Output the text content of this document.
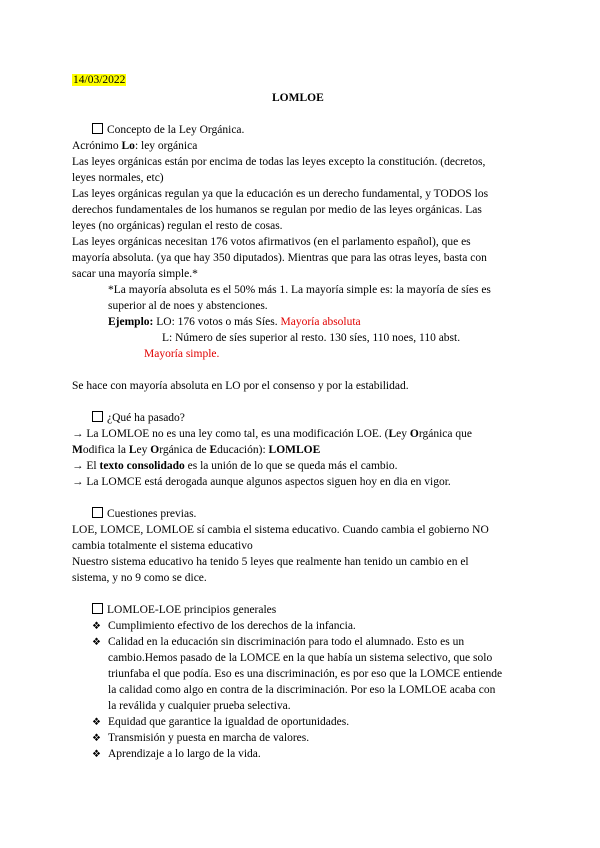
14/03/2022
LOMLOE
Concepto de la Ley Orgánica.
Acrónimo Lo: ley orgánica
Las leyes orgánicas están por encima de todas las leyes excepto la constitución. (decretos,
leyes normales, etc)
Las leyes orgánicas regulan ya que la educación es un derecho fundamental, y TODOS los
derechos fundamentales de los humanos se regulan por medio de las leyes orgánicas. Las
leyes (no orgánicas) regulan el resto de cosas.
Las leyes orgánicas necesitan 176 votos afirmativos (en el parlamento español), que es
mayoría absoluta. (ya que hay 350 diputados). Mientras que para las otras leyes, basta con
sacar una mayoría simple.*
*La mayoría absoluta es el 50% más 1. La mayoría simple es: la mayoría de síes es
superior al de noes y abstenciones.
Ejemplo: LO: 176 votos o más Síes. Mayoría absoluta
L: Número de síes superior al resto. 130 síes, 110 noes, 110 abst.
Mayoría simple.
Se hace con mayoría absoluta en LO por el consenso y por la estabilidad.
¿Qué ha pasado?
→ La LOMLOE no es una ley como tal, es una modificación LOE. (Ley Orgánica que
Modifica la Ley Orgánica de Educación): LOMLOE
→ El texto consolidado es la unión de lo que se queda más el cambio.
→ La LOMCE está derogada aunque algunos aspectos siguen hoy en dia en vigor.
Cuestiones previas.
LOE, LOMCE, LOMLOE sí cambia el sistema educativo. Cuando cambia el gobierno NO
cambia totalmente el sistema educativo
Nuestro sistema educativo ha tenido 5 leyes que realmente han tenido un cambio en el
sistema, y no 9 como se dice.
LOMLOE-LOE principios generales
❖ Cumplimiento efectivo de los derechos de la infancia.
❖ Calidad en la educación sin discriminación para todo el alumnado. Esto es un
cambio.Hemos pasado de la LOMCE en la que había un sistema selectivo, que solo
triunfaba el que podía. Eso es una discriminación, es por eso que la LOMCE entiende
la calidad como algo en contra de la discriminación. Por eso la LOMLOE acaba con
la reválida y cualquier prueba selectiva.
❖ Equidad que garantice la igualdad de oportunidades.
❖ Transmisión y puesta en marcha de valores.
❖ Aprendizaje a lo largo de la vida.
